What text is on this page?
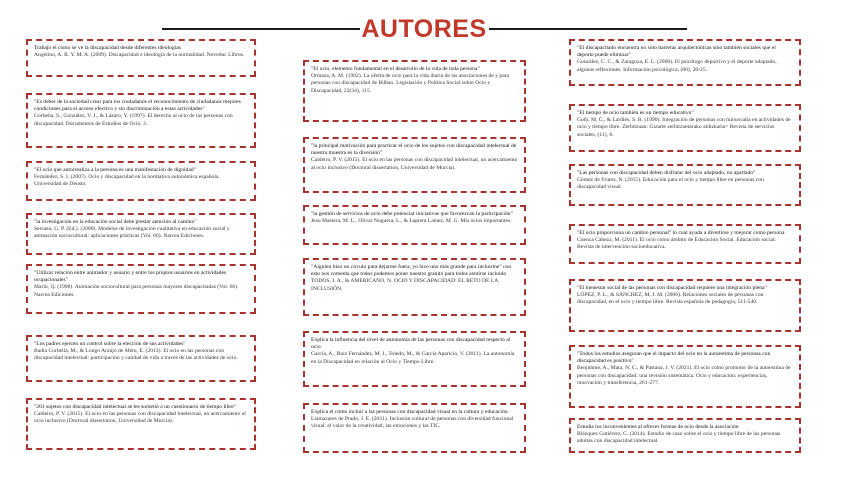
AUTORES

Trabajo el como se ve la discapacidad desde diferentes ideologías

Angelino, A. R. Y. M. A. (2009). Discapacidad e ideología de la normalidad. Noveduc Libros.

"Es deber de la sociedad crear para los ciudadanos el reconocimiento de ciudadanos mejores condiciones para el acceso efectivo y sin discriminación a estas actividades"

Gorbeña, S., González, V. J., & Lázaro, Y. (1997). El derecho al ocio de las personas con discapacidad. Documentos de Estudios de Ocio, 3.

"El ocio que autorrealiza a la persona es una manifestación de dignidad"

Fernández, S. I. (2007). Ocio y discapacidad en la normativa autonómica española. Universidad de Deusto.

"la investigación en la educación social debe prestar atención al camino"

Serrano, G. P. (Ed.). (2000). Modelos de investigación cualitativa en educación social y animación sociocultural: aplicaciones prácticas (Vol. 66). Narcea Ediciones.

"Utilizar relación entre animador y usuario y entre los propios usuarios en actividades ocupacionales"

Marín, Q. (1998). Animación sociocultural para personas mayores discapacitadas (Vol. 66). Narcea Ediciones.

"Los padres ejercen un control sobre la elección de sus actividades"

Badia Corbella, M., & Longo Araújo de Melo, E. (2013). El ocio en las personas con discapacidad intelectual: participación y calidad de vida a través de las actividades de ocio.

"201 sujetos con discapacidad intelectual se les sometió a un cuestionario de tiempo libre"

Caldeiro, P. V. (2015). El ocio en las personas con discapacidad intelectual, un acercamiento al ocio inclusivo (Doctoral dissertation, Universidad de Murcia).

"El ocio, elemento fundamental en el desarrollo de la vida de toda persona"

Ormaza, A. M. (1992). La oferta de ocio para la vida diaria de las asociaciones de y para personas con discapacidad de Bilbao. Legislación y Política Social sobre Ocio y Discapacidad, 22(34), 115.

"la principal motivación para practicar el ocio de los sujetos con discapacidad intelectual de nuestra muestra es la diversión"

Caldeiro, P. V. (2015). El ocio en las personas con discapacidad intelectual, un acercamiento al ocio inclusivo (Doctoral dissertation, Universidad de Murcia).

"la gestión de servicios de ocio debe potenciar iniciativas que favorezcan la participación"

Jesu Mastera, M. L., Olivar Noguera, L., & Lapiera Laínez, M. G. Mis ocios importantes.

"Alguien hizo un círculo para dejarme fuera, yo hice uno más grande para incluirme" con esto nos comenta que todos podemos poner nuestro granito para todos sentirse incluido

TODOS, I. A., & AMERICANO, N. OCIO Y DISCAPACIDAD: EL RETO DE LA INCLUSIÓN.

Explica la influencia del nivel de autonomía de las personas con discapacidad respecto al ocio

García, A., Ruiz Fernández, M. I., Toledo, M., & García Aparicio, V. (2011). La autonomía en la Discapacidad en relación al Ocio y Tiempo Libre.

Explica el cómo incluir a las personas con discapacidad visual en la cultura y educación

Llamazares de Prado, J. E. (2021). Inclusión cultural de personas con diversidad funcional visual: el valor de la creatividad, las emociones y las TIC.

"El discapacitado encuentra no solo barreras arquitectónicas sino también sociales que el deporte puede eliminar"

González, C. C., & Zaragoza, E. L. (2000). El psicólogo deportivo y el deporte adaptado, algunas reflexiones. Información psicológica, (80), 20-25.

"El tiempo de ocio también es un tiempo educativo"

Goñi, M. C., & Lardiés, S. R. (1990). Integración de personas con minusvalía en actividades de ocio y tiempo libre. Zerbitzuan: Gizarte zerbitzuetarako aldizkaria= Revista de servicios sociales, (11), 6.

"Las personas con discapacidad deben disfrutar del ocio adaptado, no apartado"

Gómez de Frutos, N. (2015). Educación para el ocio y tiempo libre en personas con discapacidad visual.

"El ocio proporciona un cambio personal" lo cual ayuda a divertirse y mejorar como persona

Cuenca Cabeza, M. (2011). El ocio como ámbito de Educación Social. Educación social: Revista de intervención socioeducativa.

"El bienestar social de las personas con discapacidad requiere una integración plena"

LÓPEZ, P. L., & SÁNCHEZ, M. J. M. (2006). Relaciones sociales de personas con discapacidad, en el ocio y tiempo libre. Revista española de pedagogía, 511-540.

"Todos los estudios aseguran que el impacto del ocio en la autoestima de personas con discapacidad es positivo"

Benjuhme, A., Mata, N. C., & Pastana, J. V. (2021). El ocio como promotor de la autoestima de personas con discapacidad: una revisión sistemática. Ocio y educación: experiencias, innovación y transferencia, 261-277.

Estudia los inconvenientes al ofrecer formas de ocio desde la asociación

Blázquez Gutiérrez, C. (2014). Estudio de caso sobre el ocio y tiempo libre de las personas adultas con discapacidad intelectual.
